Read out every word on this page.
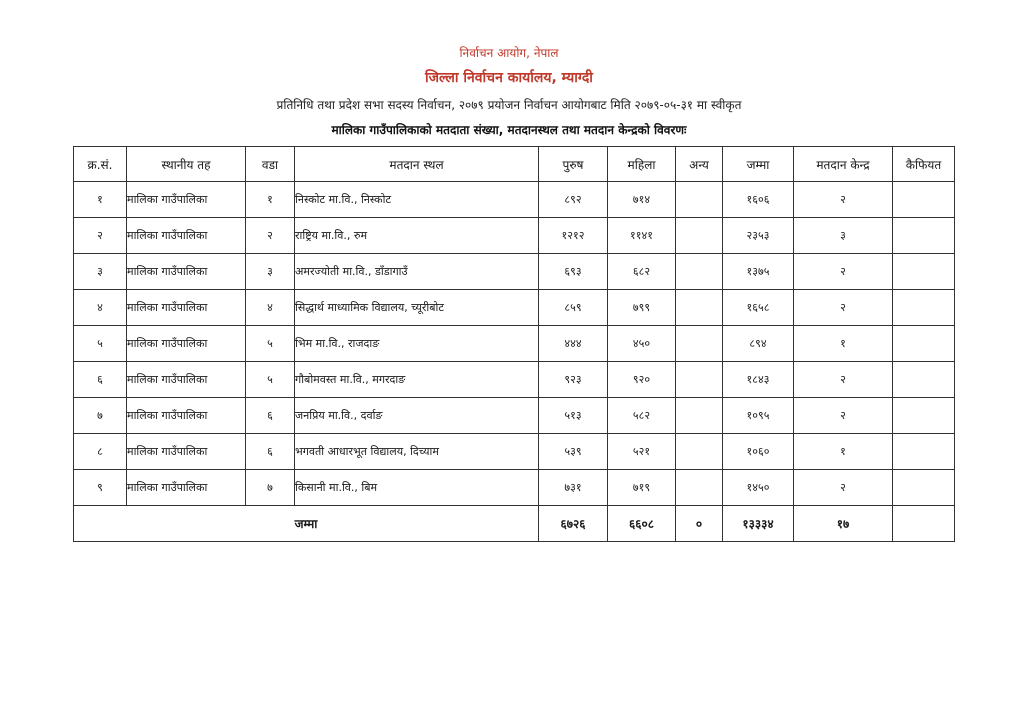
निर्वाचन आयोग, नेपाल
जिल्ला निर्वाचन कार्यालय, म्याग्दी
प्रतिनिधि तथा प्रदेश सभा सदस्य निर्वाचन, २०७९ प्रयोजन निर्वाचन आयोगबाट मिति २०७९-०५-३१ मा स्वीकृत
मालिका गाउँपालिकाको मतदाता संख्या, मतदानस्थल तथा मतदान केन्द्रको विवरणः
क्र.सं.	स्थानीय तह	वडा	मतदान स्थल	पुरुष	महिला	अन्य	जम्मा	मतदान केन्द्र	कैफियत
१	मालिका गाउँपालिका	१	निस्कोट मा.वि., निस्कोट	८९२	७१४		१६०६	२	
२	मालिका गाउँपालिका	२	राष्ट्रिय मा.वि., रुम	१२१२	११४१		२३५३	३	
३	मालिका गाउँपालिका	३	अमरज्योती मा.वि., डाँडागाउँ	६९३	६८२		१३७५	२	
४	मालिका गाउँपालिका	४	सिद्धार्थ माध्यामिक विद्यालय, च्यूरीबोट	८५९	७९९		१६५८	२	
५	मालिका गाउँपालिका	५	भिम मा.वि., राजदाङ	४४४	४५०		८९४	१	
६	मालिका गाउँपालिका	५	गौबोमवस्त मा.वि., मगरदाङ	९२३	९२०		१८४३	२	
७	मालिका गाउँपालिका	६	जनप्रिय मा.वि., दर्वाङ	५१३	५८२		१०९५	२	
८	मालिका गाउँपालिका	६	भगवती आधारभूत विद्यालय, दिच्याम	५३९	५२१		१०६०	१	
९	मालिका गाउँपालिका	७	किसानी मा.वि., बिम	७३१	७१९		१४५०	२	
जम्मा				६७२६	६६०८	०	१३३३४	१७	
